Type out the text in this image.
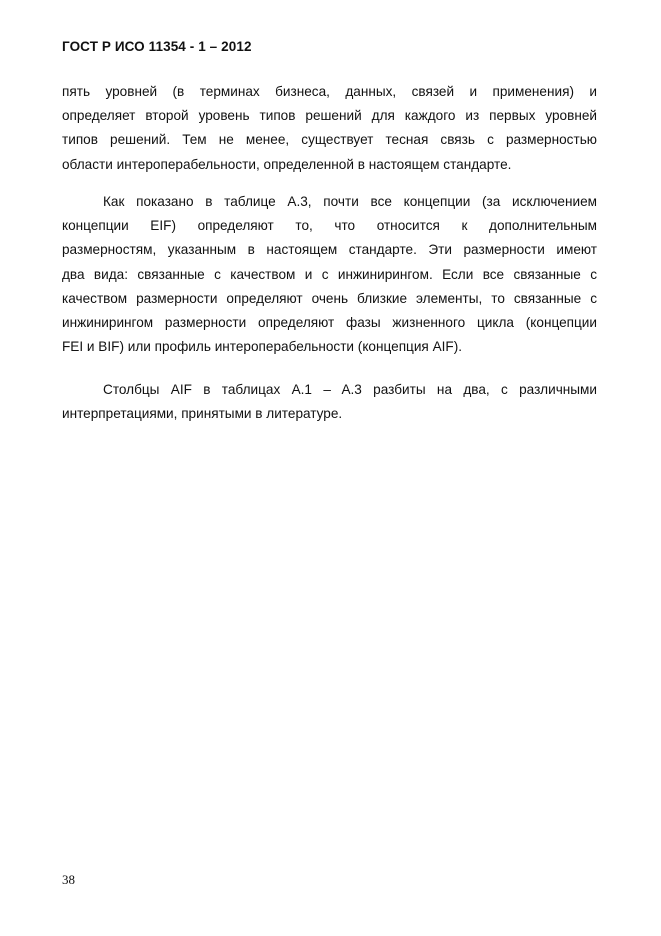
ГОСТ Р ИСО 11354 - 1 – 2012
пять уровней (в терминах бизнеса, данных, связей и применения) и
определяет второй уровень типов решений для каждого из первых уровней
типов решений. Тем не менее, существует тесная связь с размерностью
области интероперабельности, определенной в настоящем стандарте.
Как показано в таблице A.3, почти все концепции (за исключением
концепции EIF) определяют то, что относится к дополнительным
размерностям, указанным в настоящем стандарте. Эти размерности имеют
два вида: связанные с качеством и с инжинирингом. Если все связанные с
качеством размерности определяют очень близкие элементы, то связанные с
инжинирингом размерности определяют фазы жизненного цикла (концепции
FEI и BIF) или профиль интероперабельности (концепция AIF).
Столбцы AIF в таблицах A.1 – A.3 разбиты на два, с различными
интерпретациями, принятыми в литературе.
38
